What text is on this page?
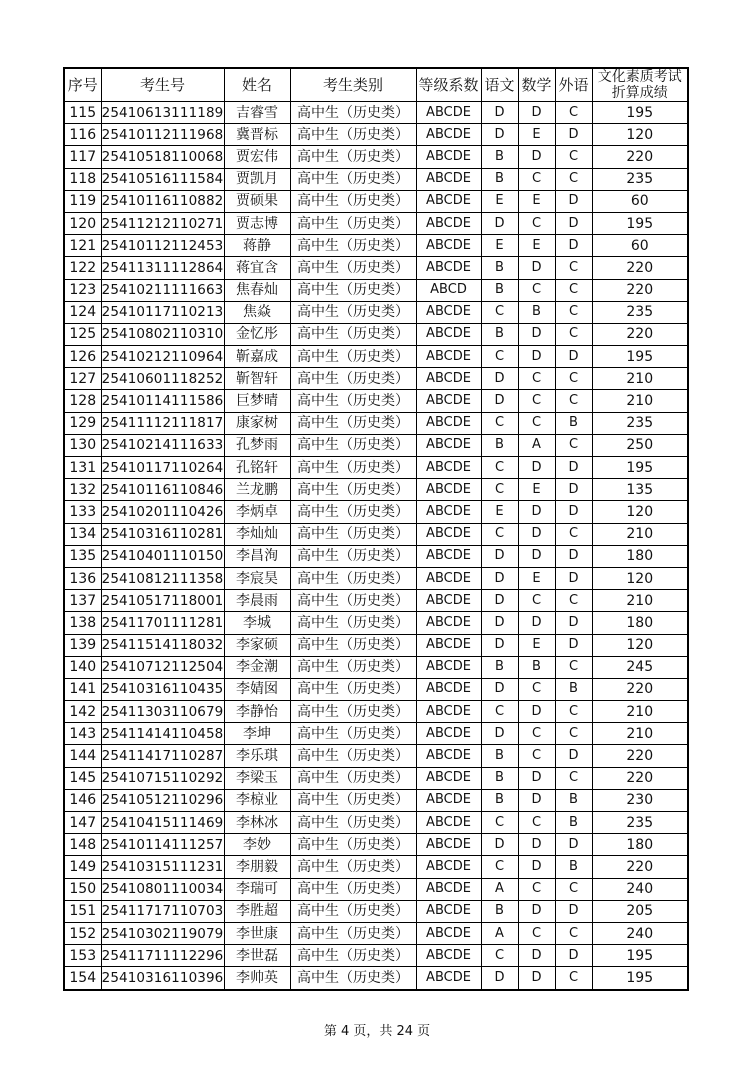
序号	考生号	姓名	考生类别	等级系数	语文	数学	外语	文化素质考试折算成绩
115	25410613111189	吉睿雪	高中生（历史类）	ABCDE	D	D	C	195
116	25410112111968	冀晋标	高中生（历史类）	ABCDE	D	E	D	120
117	25410518110068	贾宏伟	高中生（历史类）	ABCDE	B	D	C	220
118	25410516111584	贾凯月	高中生（历史类）	ABCDE	B	C	C	235
119	25410116110882	贾硕果	高中生（历史类）	ABCDE	E	E	D	60
120	25411212110271	贾志博	高中生（历史类）	ABCDE	D	C	D	195
121	25410112112453	蒋静	高中生（历史类）	ABCDE	E	E	D	60
122	25411311112864	蒋宜含	高中生（历史类）	ABCDE	B	D	C	220
123	25410211111663	焦春灿	高中生（历史类）	ABCD	B	C	C	220
124	25410117110213	焦焱	高中生（历史类）	ABCDE	C	B	C	235
125	25410802110310	金忆彤	高中生（历史类）	ABCDE	B	D	C	220
126	25410212110964	靳嘉成	高中生（历史类）	ABCDE	C	D	D	195
127	25410601118252	靳智轩	高中生（历史类）	ABCDE	D	C	C	210
128	25410114111586	巨梦晴	高中生（历史类）	ABCDE	D	C	C	210
129	25411112111817	康家树	高中生（历史类）	ABCDE	C	C	B	235
130	25410214111633	孔梦雨	高中生（历史类）	ABCDE	B	A	C	250
131	25410117110264	孔铭轩	高中生（历史类）	ABCDE	C	D	D	195
132	25410116110846	兰龙鹏	高中生（历史类）	ABCDE	C	E	D	135
133	25410201110426	李炳卓	高中生（历史类）	ABCDE	E	D	D	120
134	25410316110281	李灿灿	高中生（历史类）	ABCDE	C	D	C	210
135	25410401110150	李昌洵	高中生（历史类）	ABCDE	D	D	D	180
136	25410812111358	李宸昊	高中生（历史类）	ABCDE	D	E	D	120
137	25410517118001	李晨雨	高中生（历史类）	ABCDE	D	C	C	210
138	25411701111281	李城	高中生（历史类）	ABCDE	D	D	D	180
139	25411514118032	李家硕	高中生（历史类）	ABCDE	D	E	D	120
140	25410712112504	李金潮	高中生（历史类）	ABCDE	B	B	C	245
141	25410316110435	李婧囡	高中生（历史类）	ABCDE	D	C	B	220
142	25411303110679	李静怡	高中生（历史类）	ABCDE	C	D	C	210
143	25411414110458	李坤	高中生（历史类）	ABCDE	D	C	C	210
144	25411417110287	李乐琪	高中生（历史类）	ABCDE	B	C	D	220
145	25410715110292	李梁玉	高中生（历史类）	ABCDE	B	D	C	220
146	25410512110296	李椋业	高中生（历史类）	ABCDE	B	D	B	230
147	25410415111469	李林冰	高中生（历史类）	ABCDE	C	C	B	235
148	25410114111257	李妙	高中生（历史类）	ABCDE	D	D	D	180
149	25410315111231	李朋毅	高中生（历史类）	ABCDE	C	D	B	220
150	25410801110034	李瑞可	高中生（历史类）	ABCDE	A	C	C	240
151	25411717110703	李胜超	高中生（历史类）	ABCDE	B	D	D	205
152	25410302119079	李世康	高中生（历史类）	ABCDE	A	C	C	240
153	25411711112296	李世磊	高中生（历史类）	ABCDE	C	D	D	195
154	25410316110396	李帅英	高中生（历史类）	ABCDE	D	D	C	195
第 4 页，共 24 页
